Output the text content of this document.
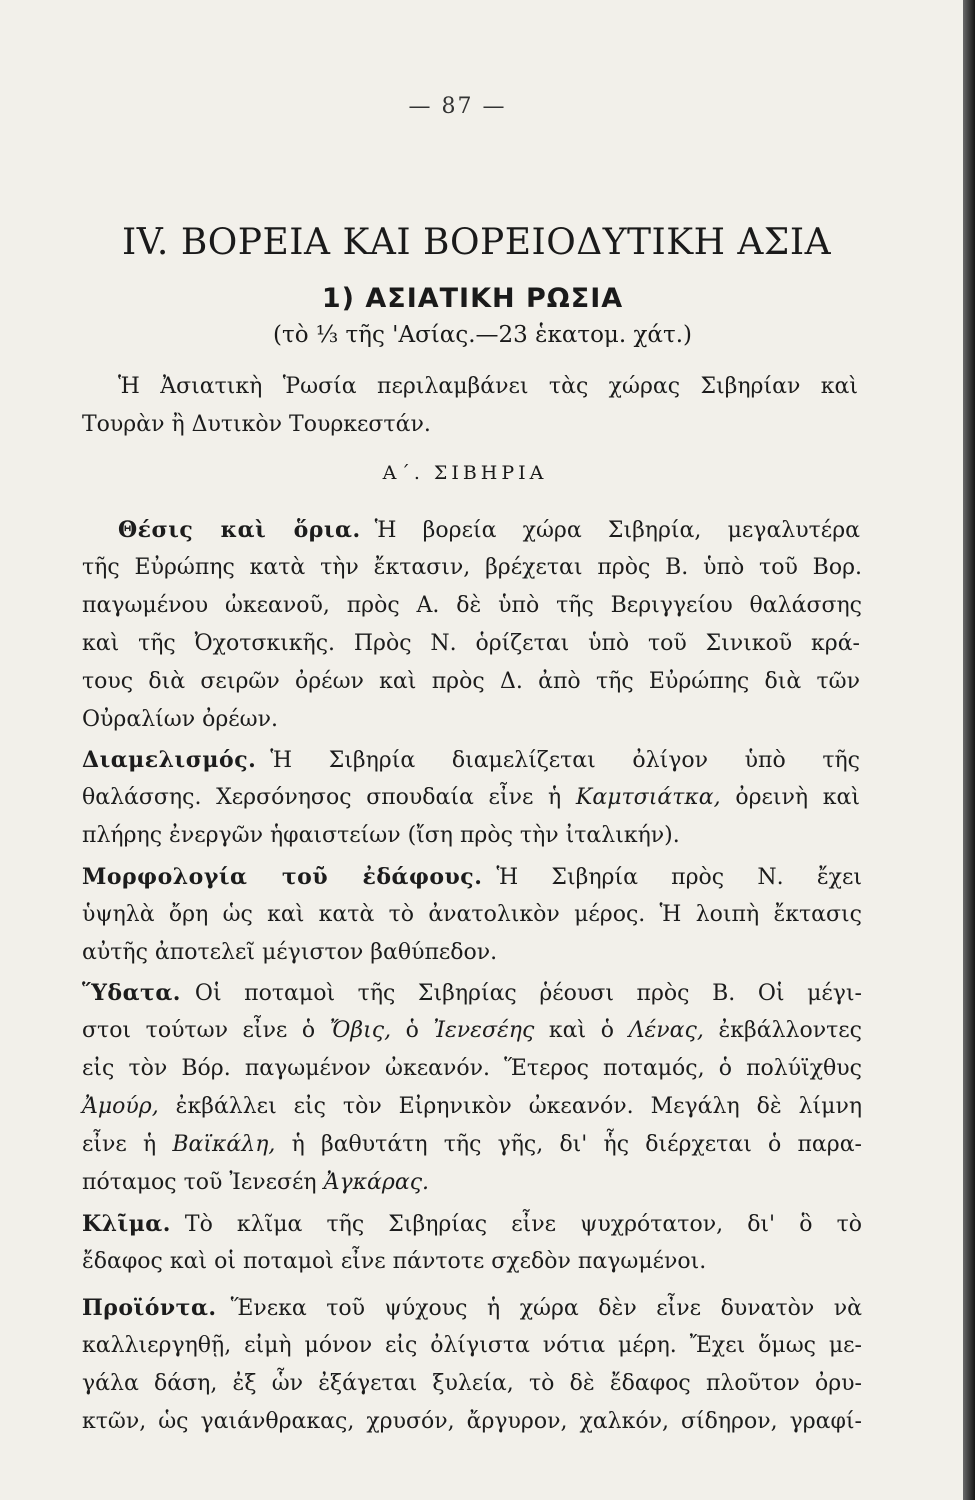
— 87 —
IV. ΒΟΡΕΙΑ ΚΑΙ ΒΟΡΕΙΟΔΥΤΙΚΗ ΑΣΙΑ
1) ΑΣΙΑΤΙΚΗ ΡΩΣΙΑ
(τὸ ⅓ τῆς 'Ασίας.—23 ἑκατομ. χάτ.)
Ἡ Ἀσιατικὴ Ῥωσία περιλαμβάνει τὰς χώρας Σιβηρίαν καὶ
Τουρὰν ἢ Δυτικὸν Τουρκεστάν.
Α΄. ΣΙΒΗΡΙΑ
Θέσις καὶ ὅρια. Ἡ βορεία χώρα Σιβηρία, μεγαλυτέρα
τῆς Εὐρώπης κατὰ τὴν ἔκτασιν, βρέχεται πρὸς Β. ὑπὸ τοῦ Βορ.
παγωμένου ὠκεανοῦ, πρὸς Α. δὲ ὑπὸ τῆς Βεριγγείου θαλάσσης
καὶ τῆς Ὀχοτσκικῆς. Πρὸς Ν. ὁρίζεται ὑπὸ τοῦ Σινικοῦ κρά-
τους διὰ σειρῶν ὀρέων καὶ πρὸς Δ. ἀπὸ τῆς Εὐρώπης διὰ τῶν
Οὐραλίων ὀρέων.
Διαμελισμός. Ἡ Σιβηρία διαμελίζεται ὀλίγον ὑπὸ τῆς
θαλάσσης. Χερσόνησος σπουδαία εἶνε ἡ Καμτσιάτκα, ὀρεινὴ καὶ
πλήρης ἐνεργῶν ἡφαιστείων (ἴση πρὸς τὴν ἰταλικήν).
Μορφολογία τοῦ ἐδάφους. Ἡ Σιβηρία πρὸς Ν. ἔχει
ὑψηλὰ ὄρη ὡς καὶ κατὰ τὸ ἀνατολικὸν μέρος. Ἡ λοιπὴ ἔκτασις
αὐτῆς ἀποτελεῖ μέγιστον βαθύπεδον.
Ὕδατα. Οἱ ποταμοὶ τῆς Σιβηρίας ῥέουσι πρὸς Β. Οἱ μέγι-
στοι τούτων εἶνε ὁ Ὄβις, ὁ Ἰενεσέης καὶ ὁ Λένας, ἐκβάλλοντες
εἰς τὸν Βόρ. παγωμένον ὠκεανόν. Ἕτερος ποταμός, ὁ πολύϊχθυς
Ἀμούρ, ἐκβάλλει εἰς τὸν Εἰρηνικὸν ὠκεανόν. Μεγάλη δὲ λίμνη
εἶνε ἡ Βαϊκάλη, ἡ βαθυτάτη τῆς γῆς, δι' ἧς διέρχεται ὁ παρα-
πόταμος τοῦ Ἰενεσέη Ἀγκάρας.
Κλῖμα. Τὸ κλῖμα τῆς Σιβηρίας εἶνε ψυχρότατον, δι' ὃ τὸ
ἔδαφος καὶ οἱ ποταμοὶ εἶνε πάντοτε σχεδὸν παγωμένοι.
Προϊόντα. Ἕνεκα τοῦ ψύχους ἡ χώρα δὲν εἶνε δυνατὸν νὰ
καλλιεργηθῇ, εἰμὴ μόνον εἰς ὀλίγιστα νότια μέρη. Ἔχει ὅμως με-
γάλα δάση, ἐξ ὧν ἐξάγεται ξυλεία, τὸ δὲ ἔδαφος πλοῦτον ὀρυ-
κτῶν, ὡς γαιάνθρακας, χρυσόν, ἄργυρον, χαλκόν, σίδηρον, γραφί-
